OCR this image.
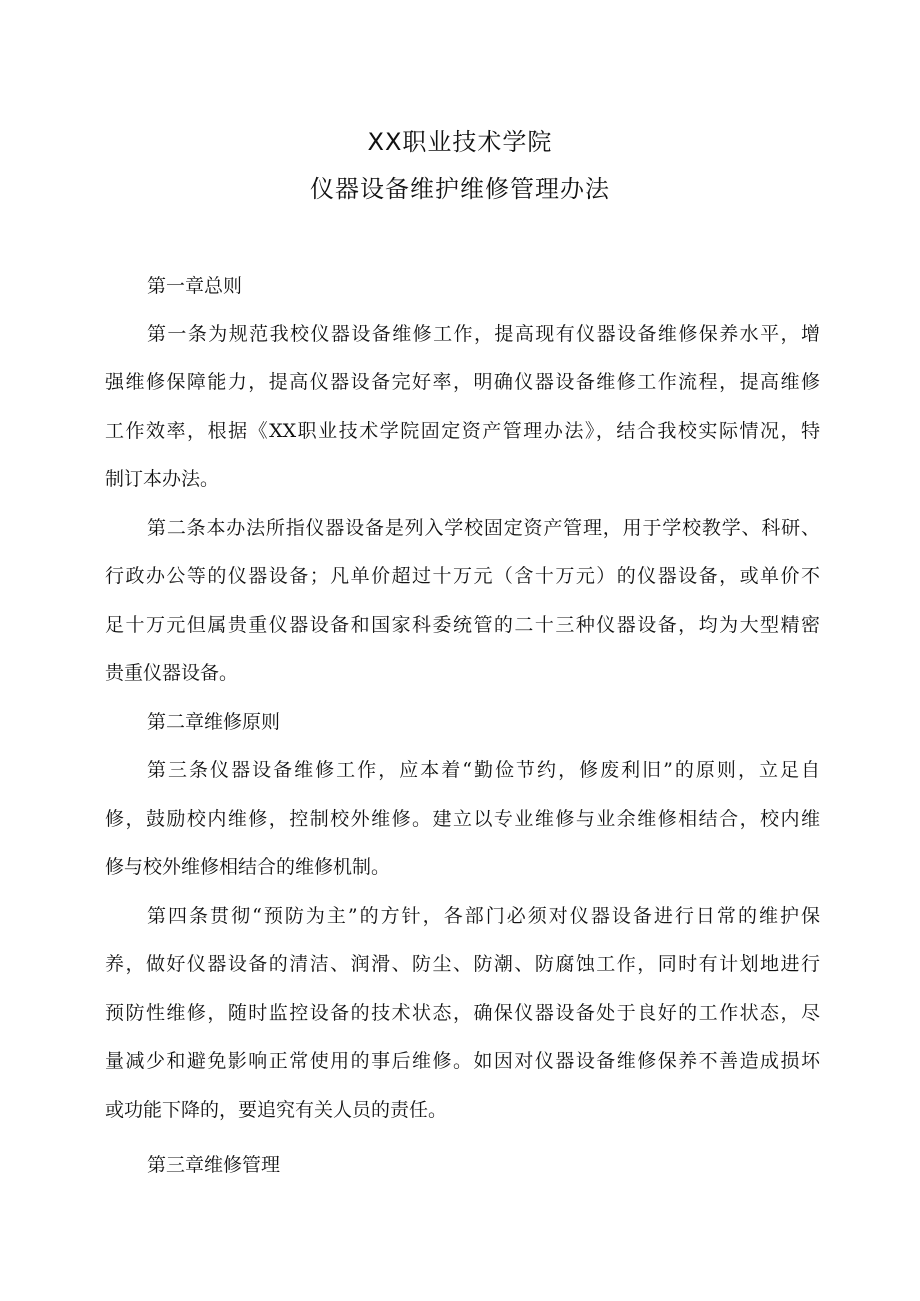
XX职业技术学院
仪器设备维护维修管理办法
第一章总则
第一条为规范我校仪器设备维修工作，提高现有仪器设备维修保养水平，增
强维修保障能力，提高仪器设备完好率，明确仪器设备维修工作流程，提高维修
工作效率，根据《XX职业技术学院固定资产管理办法》，结合我校实际情况，特
制订本办法。
第二条本办法所指仪器设备是列入学校固定资产管理，用于学校教学、科研、
行政办公等的仪器设备；凡单价超过十万元（含十万元）的仪器设备，或单价不
足十万元但属贵重仪器设备和国家科委统管的二十三种仪器设备，均为大型精密
贵重仪器设备。
第二章维修原则
第三条仪器设备维修工作，应本着“勤俭节约，修废利旧”的原则，立足自
修，鼓励校内维修，控制校外维修。建立以专业维修与业余维修相结合，校内维
修与校外维修相结合的维修机制。
第四条贯彻“预防为主”的方针，各部门必须对仪器设备进行日常的维护保
养，做好仪器设备的清洁、润滑、防尘、防潮、防腐蚀工作，同时有计划地进行
预防性维修，随时监控设备的技术状态，确保仪器设备处于良好的工作状态，尽
量减少和避免影响正常使用的事后维修。如因对仪器设备维修保养不善造成损坏
或功能下降的，要追究有关人员的责任。
第三章维修管理
